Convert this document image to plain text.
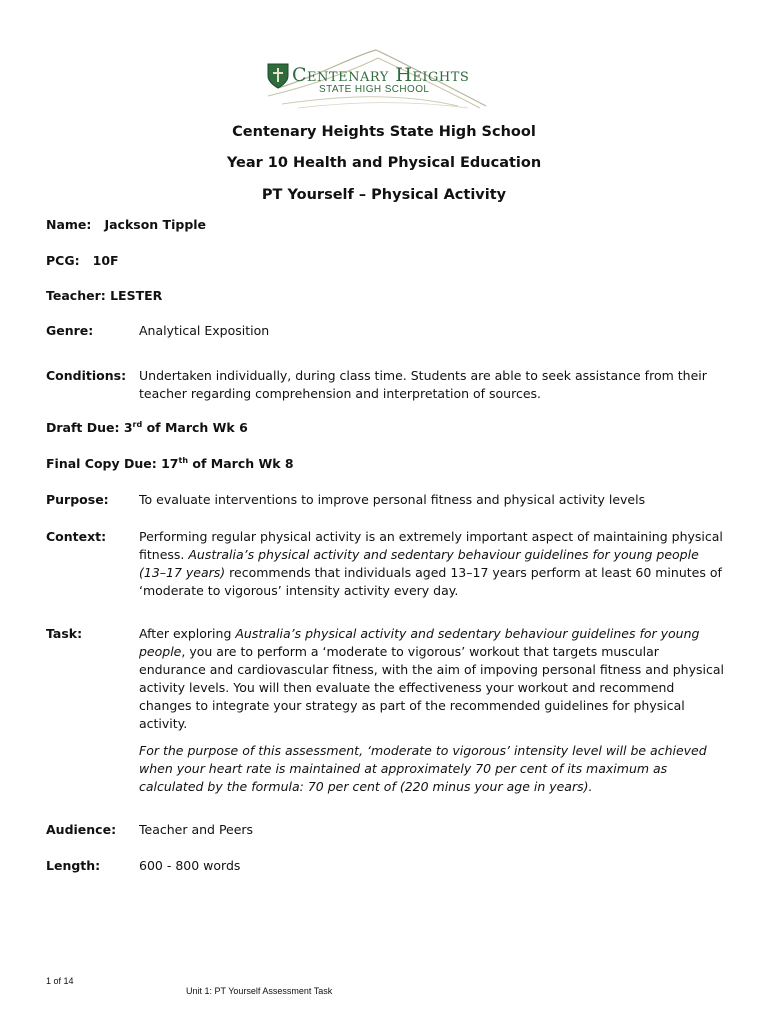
Centenary Heights
STATE HIGH SCHOOL
Centenary Heights State High School
Year 10 Health and Physical Education
PT Yourself – Physical Activity
Name: Jackson Tipple
PCG: 10F
Teacher: LESTER
Genre:	Analytical Exposition
Conditions: Undertaken individually, during class time. Students are able to seek assistance from their teacher regarding comprehension and interpretation of sources.
Draft Due: 3rd of March Wk 6
Final Copy Due: 17th of March Wk 8
Purpose: To evaluate interventions to improve personal fitness and physical activity levels
Context:	Performing regular physical activity is an extremely important aspect of maintaining physical fitness. Australia’s physical activity and sedentary behaviour guidelines for young people (13–17 years) recommends that individuals aged 13–17 years perform at least 60 minutes of ‘moderate to vigorous’ intensity activity every day.
Task:	After exploring Australia’s physical activity and sedentary behaviour guidelines for young people, you are to perform a ‘moderate to vigorous’ workout that targets muscular endurance and cardiovascular fitness, with the aim of impoving personal fitness and physical activity levels. You will then evaluate the effectiveness your workout and recommend changes to integrate your strategy as part of the recommended guidelines for physical activity.
For the purpose of this assessment, ‘moderate to vigorous’ intensity level will be achieved when your heart rate is maintained at approximately 70 per cent of its maximum as calculated by the formula: 70 per cent of (220 minus your age in years).
Audience: Teacher and Peers
Length:	600 - 800 words
1 of 14
Unit 1: PT Yourself Assessment Task
